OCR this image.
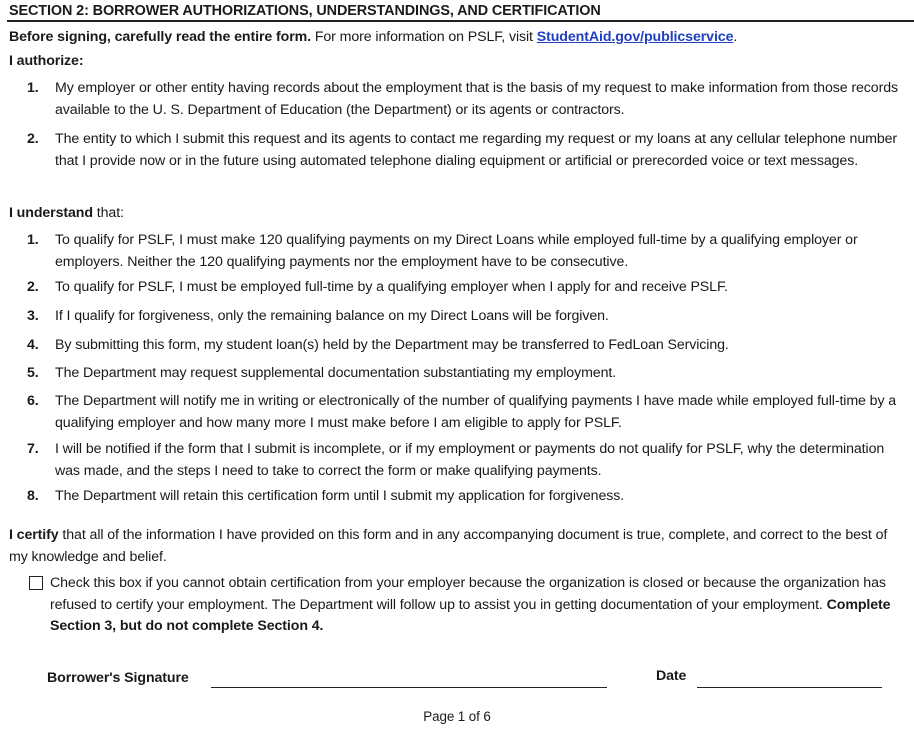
SECTION 2: BORROWER AUTHORIZATIONS, UNDERSTANDINGS, AND CERTIFICATION
Before signing, carefully read the entire form. For more information on PSLF, visit StudentAid.gov/publicservice.
I authorize:
1.	My employer or other entity having records about the employment that is the basis of my request to make information from those records available to the U. S. Department of Education (the Department) or its agents or contractors.
2.	The entity to which I submit this request and its agents to contact me regarding my request or my loans at any cellular telephone number that I provide now or in the future using automated telephone dialing equipment or artificial or prerecorded voice or text messages.
I understand that:
1.	To qualify for PSLF, I must make 120 qualifying payments on my Direct Loans while employed full-time by a qualifying employer or employers. Neither the 120 qualifying payments nor the employment have to be consecutive.
2.	To qualify for PSLF, I must be employed full-time by a qualifying employer when I apply for and receive PSLF.
3.	If I qualify for forgiveness, only the remaining balance on my Direct Loans will be forgiven.
4.	By submitting this form, my student loan(s) held by the Department may be transferred to FedLoan Servicing.
5.	The Department may request supplemental documentation substantiating my employment.
6.	The Department will notify me in writing or electronically of the number of qualifying payments I have made while employed full-time by a qualifying employer and how many more I must make before I am eligible to apply for PSLF.
7.	I will be notified if the form that I submit is incomplete, or if my employment or payments do not qualify for PSLF, why the determination was made, and the steps I need to take to correct the form or make qualifying payments.
8.	The Department will retain this certification form until I submit my application for forgiveness.
I certify that all of the information I have provided on this form and in any accompanying document is true, complete, and correct to the best of my knowledge and belief.
Check this box if you cannot obtain certification from your employer because the organization is closed or because the organization has refused to certify your employment. The Department will follow up to assist you in getting documentation of your employment. Complete Section 3, but do not complete Section 4.
Borrower's Signature	Date
Page 1 of 6
